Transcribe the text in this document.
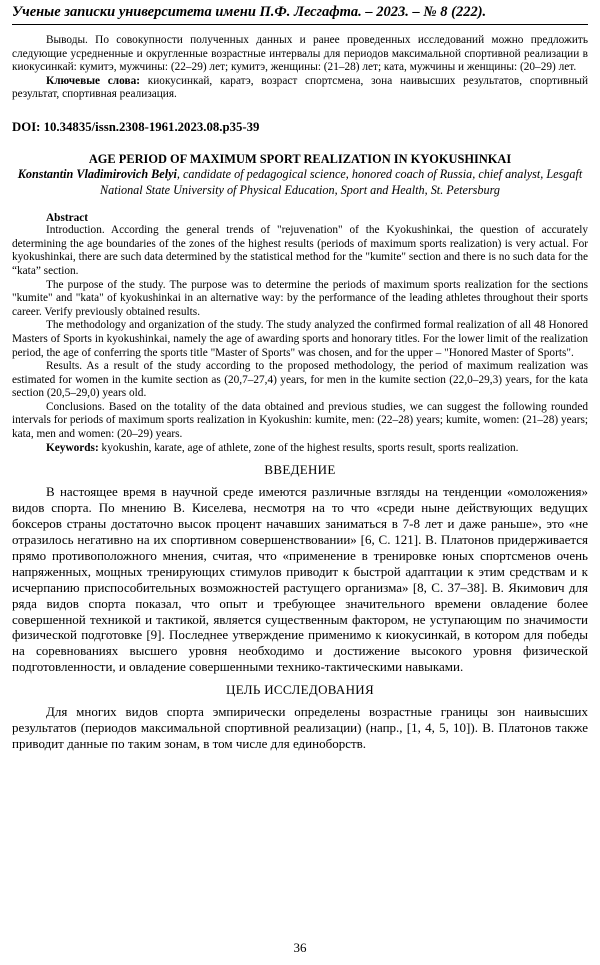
Ученые записки университета имени П.Ф. Лесгафта. – 2023. – № 8 (222).

Выводы. По совокупности полученных данных и ранее проведенных исследований можно предложить следующие усредненные и округленные возрастные интервалы для периодов максимальной спортивной реализации в киокусинкай: кумитэ, мужчины: (22–29) лет; кумитэ, женщины: (21–28) лет; ката, мужчины и женщины: (20–29) лет.

Ключевые слова: киокусинкай, каратэ, возраст спортсмена, зона наивысших результатов, спортивный результат, спортивная реализация.

DOI: 10.34835/issn.2308-1961.2023.08.p35-39

AGE PERIOD OF MAXIMUM SPORT REALIZATION IN KYOKUSHINKAI

Konstantin Vladimirovich Belyi, candidate of pedagogical science, honored coach of Russia, chief analyst, Lesgaft National State University of Physical Education, Sport and Health, St. Petersburg

Abstract

Introduction. According the general trends of "rejuvenation" of the Kyokushinkai, the question of accurately determining the age boundaries of the zones of the highest results (periods of maximum sports realization) is very actual. For kyokushinkai, there are such data determined by the statistical method for the "kumite" section and there is no such data for the “kata” section.

The purpose of the study. The purpose was to determine the periods of maximum sports realization for the sections "kumite" and "kata" of kyokushinkai in an alternative way: by the performance of the leading athletes throughout their sports career. Verify previously obtained results.

The methodology and organization of the study. The study analyzed the confirmed formal realization of all 48 Honored Masters of Sports in kyokushinkai, namely the age of awarding sports and honorary titles. For the lower limit of the realization period, the age of conferring the sports title "Master of Sports" was chosen, and for the upper – "Honored Master of Sports".

Results. As a result of the study according to the proposed methodology, the period of maximum realization was estimated for women in the kumite section as (20,7–27,4) years, for men in the kumite section (22,0–29,3) years, for the kata section (20,5–29,0) years old.

Conclusions. Based on the totality of the data obtained and previous studies, we can suggest the following rounded intervals for periods of maximum sports realization in Kyokushin: kumite, men: (22–28) years; kumite, women: (21–28) years; kata, men and women: (20–29) years.

Keywords: kyokushin, karate, age of athlete, zone of the highest results, sports result, sports realization.

ВВЕДЕНИЕ

В настоящее время в научной среде имеются различные взгляды на тенденции «омоложения» видов спорта. По мнению В. Киселева, несмотря на то что «среди ныне действующих ведущих боксеров страны достаточно высок процент начавших заниматься в 7-8 лет и даже раньше», это «не отразилось негативно на их спортивном совершенствовании» [6, С. 121]. В. Платонов придерживается прямо противоположного мнения, считая, что «применение в тренировке юных спортсменов очень напряженных, мощных тренирующих стимулов приводит к быстрой адаптации к этим средствам и к исчерпанию приспособительных возможностей растущего организма» [8, С. 37–38]. В. Якимович для ряда видов спорта показал, что опыт и требующее значительного времени овладение более совершенной техникой и тактикой, является существенным фактором, не уступающим по значимости физической подготовке [9]. Последнее утверждение применимо к киокусинкай, в котором для победы на соревнованиях высшего уровня необходимо и достижение высокого уровня физической подготовленности, и овладение совершенными технико-тактическими навыками.

ЦЕЛЬ ИССЛЕДОВАНИЯ

Для многих видов спорта эмпирически определены возрастные границы зон наивысших результатов (периодов максимальной спортивной реализации) (напр., [1, 4, 5, 10]). В. Платонов также приводит данные по таким зонам, в том числе для единоборств.

36
